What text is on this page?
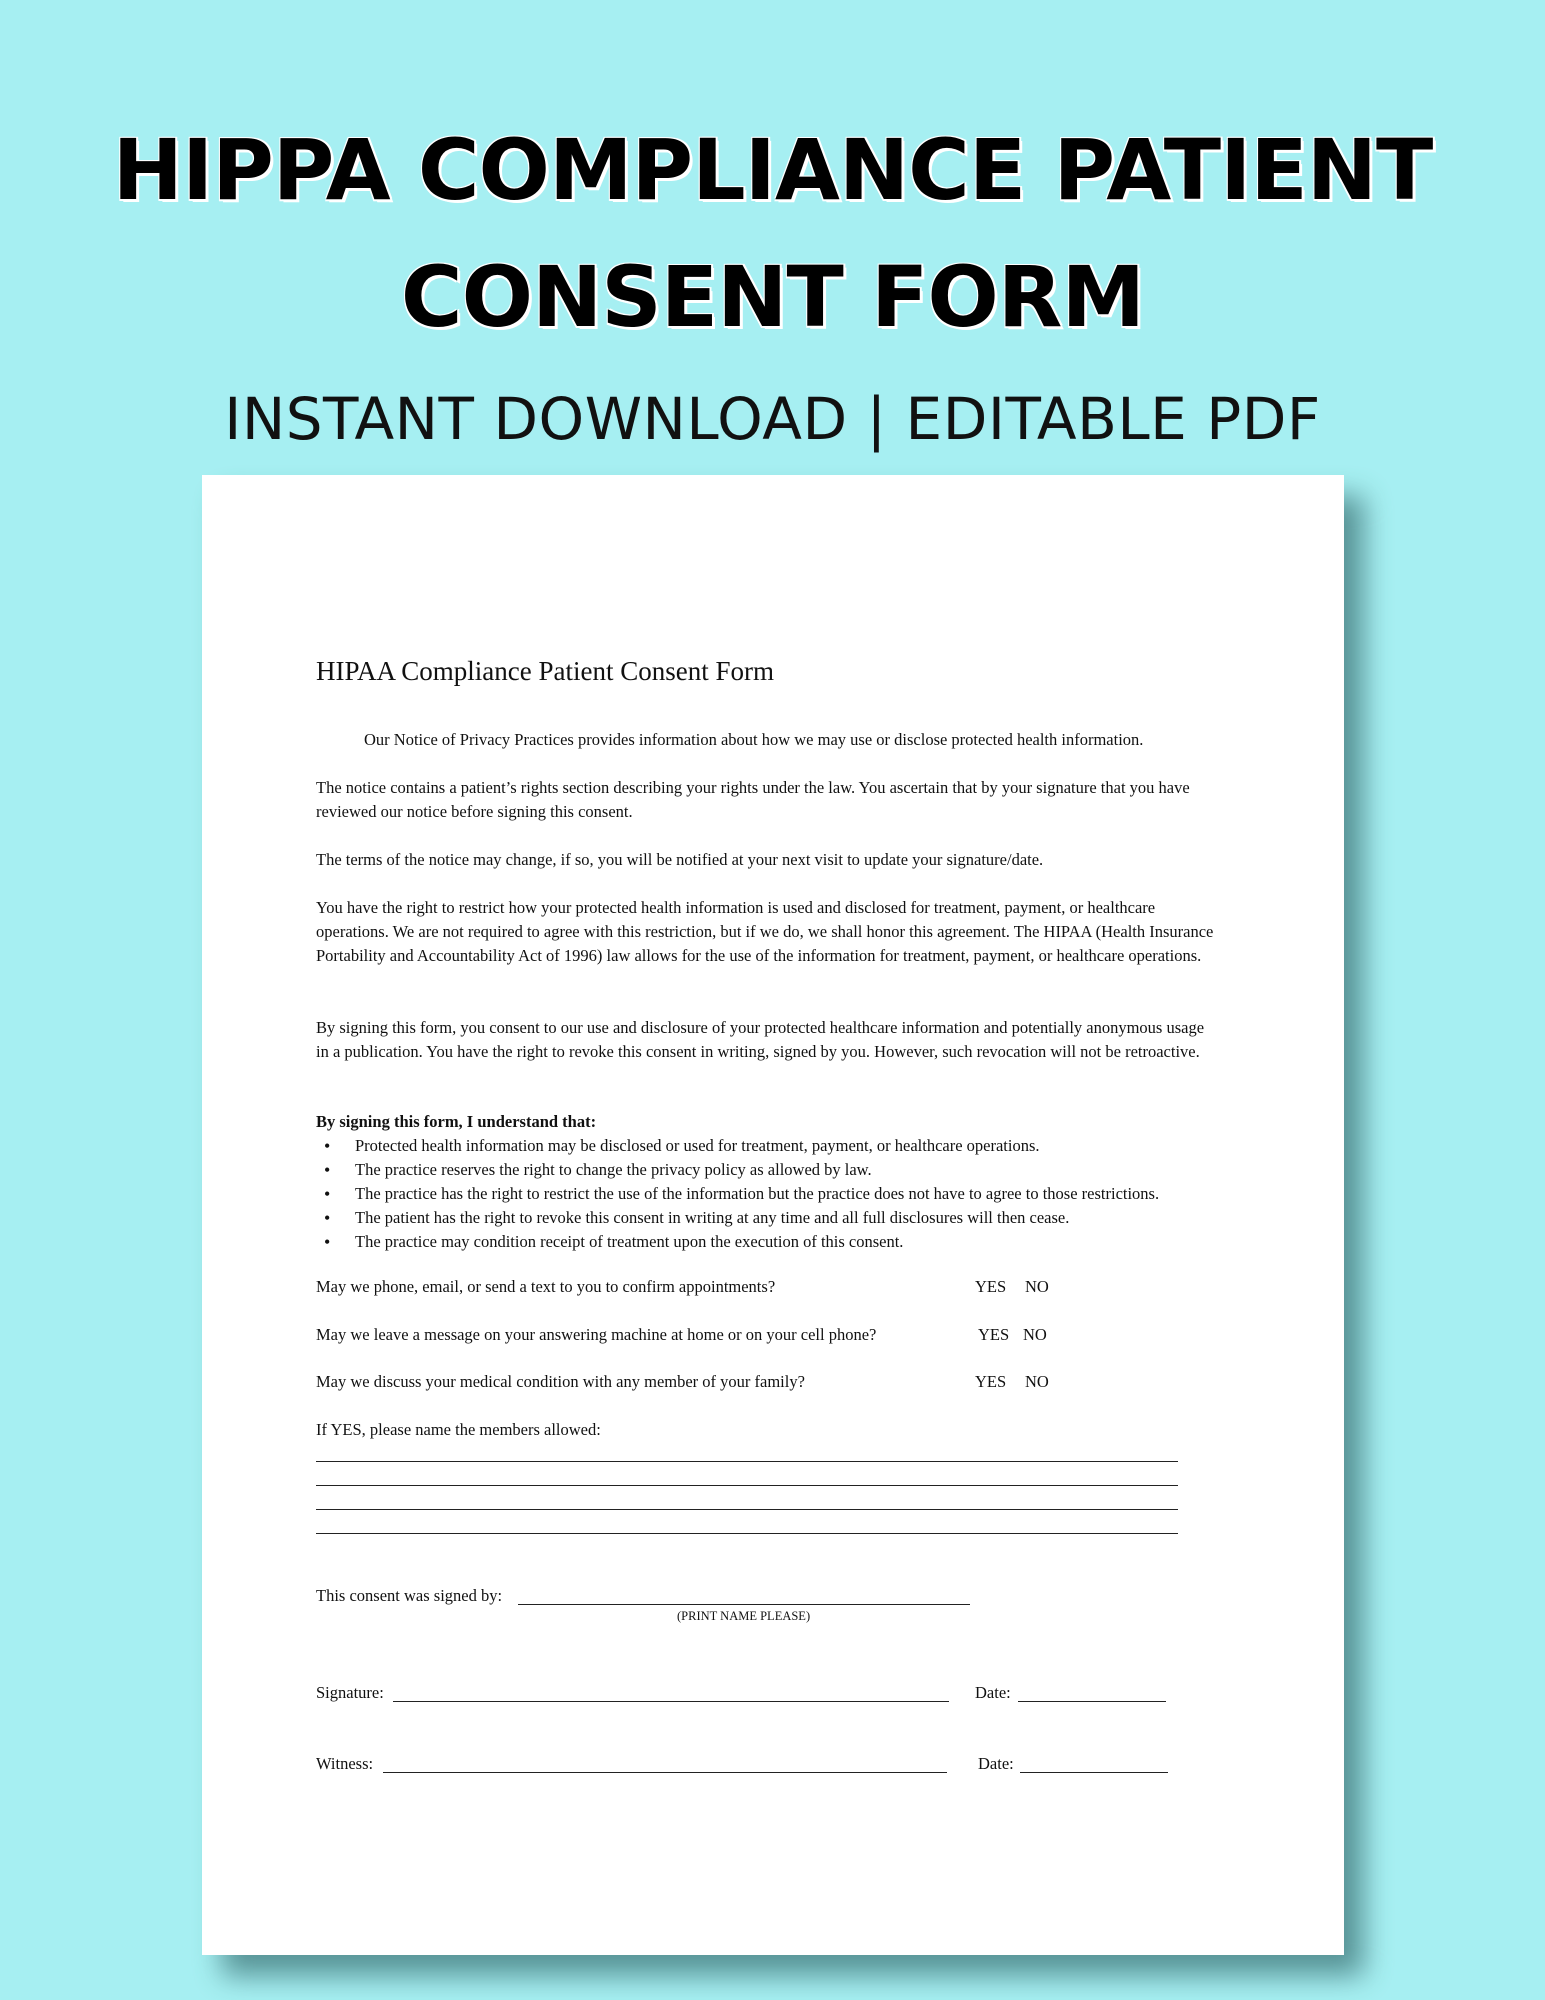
HIPPA COMPLIANCE PATIENT
CONSENT FORM
INSTANT DOWNLOAD | EDITABLE PDF
HIPAA Compliance Patient Consent Form

Our Notice of Privacy Practices provides information about how we may use or disclose protected health information.

The notice contains a patient’s rights section describing your rights under the law. You ascertain that by your signature that you have reviewed our notice before signing this consent.

The terms of the notice may change, if so, you will be notified at your next visit to update your signature/date.

You have the right to restrict how your protected health information is used and disclosed for treatment, payment, or healthcare operations. We are not required to agree with this restriction, but if we do, we shall honor this agreement. The HIPAA (Health Insurance Portability and Accountability Act of 1996) law allows for the use of the information for treatment, payment, or healthcare operations.

By signing this form, you consent to our use and disclosure of your protected healthcare information and potentially anonymous usage in a publication. You have the right to revoke this consent in writing, signed by you. However, such revocation will not be retroactive.

By signing this form, I understand that:

• Protected health information may be disclosed or used for treatment, payment, or healthcare operations.
• The practice reserves the right to change the privacy policy as allowed by law.
• The practice has the right to restrict the use of the information but the practice does not have to agree to those restrictions.
• The patient has the right to revoke this consent in writing at any time and all full disclosures will then cease.
• The practice may condition receipt of treatment upon the execution of this consent.
May we phone, email, or send a text to you to confirm appointments?	YES NO
May we leave a message on your answering machine at home or on your cell phone?	YES NO
May we discuss your medical condition with any member of your family?	YES NO
If YES, please name the members allowed:
This consent was signed by:
(PRINT NAME PLEASE)
Signature:	Date:
Witness:	Date:
